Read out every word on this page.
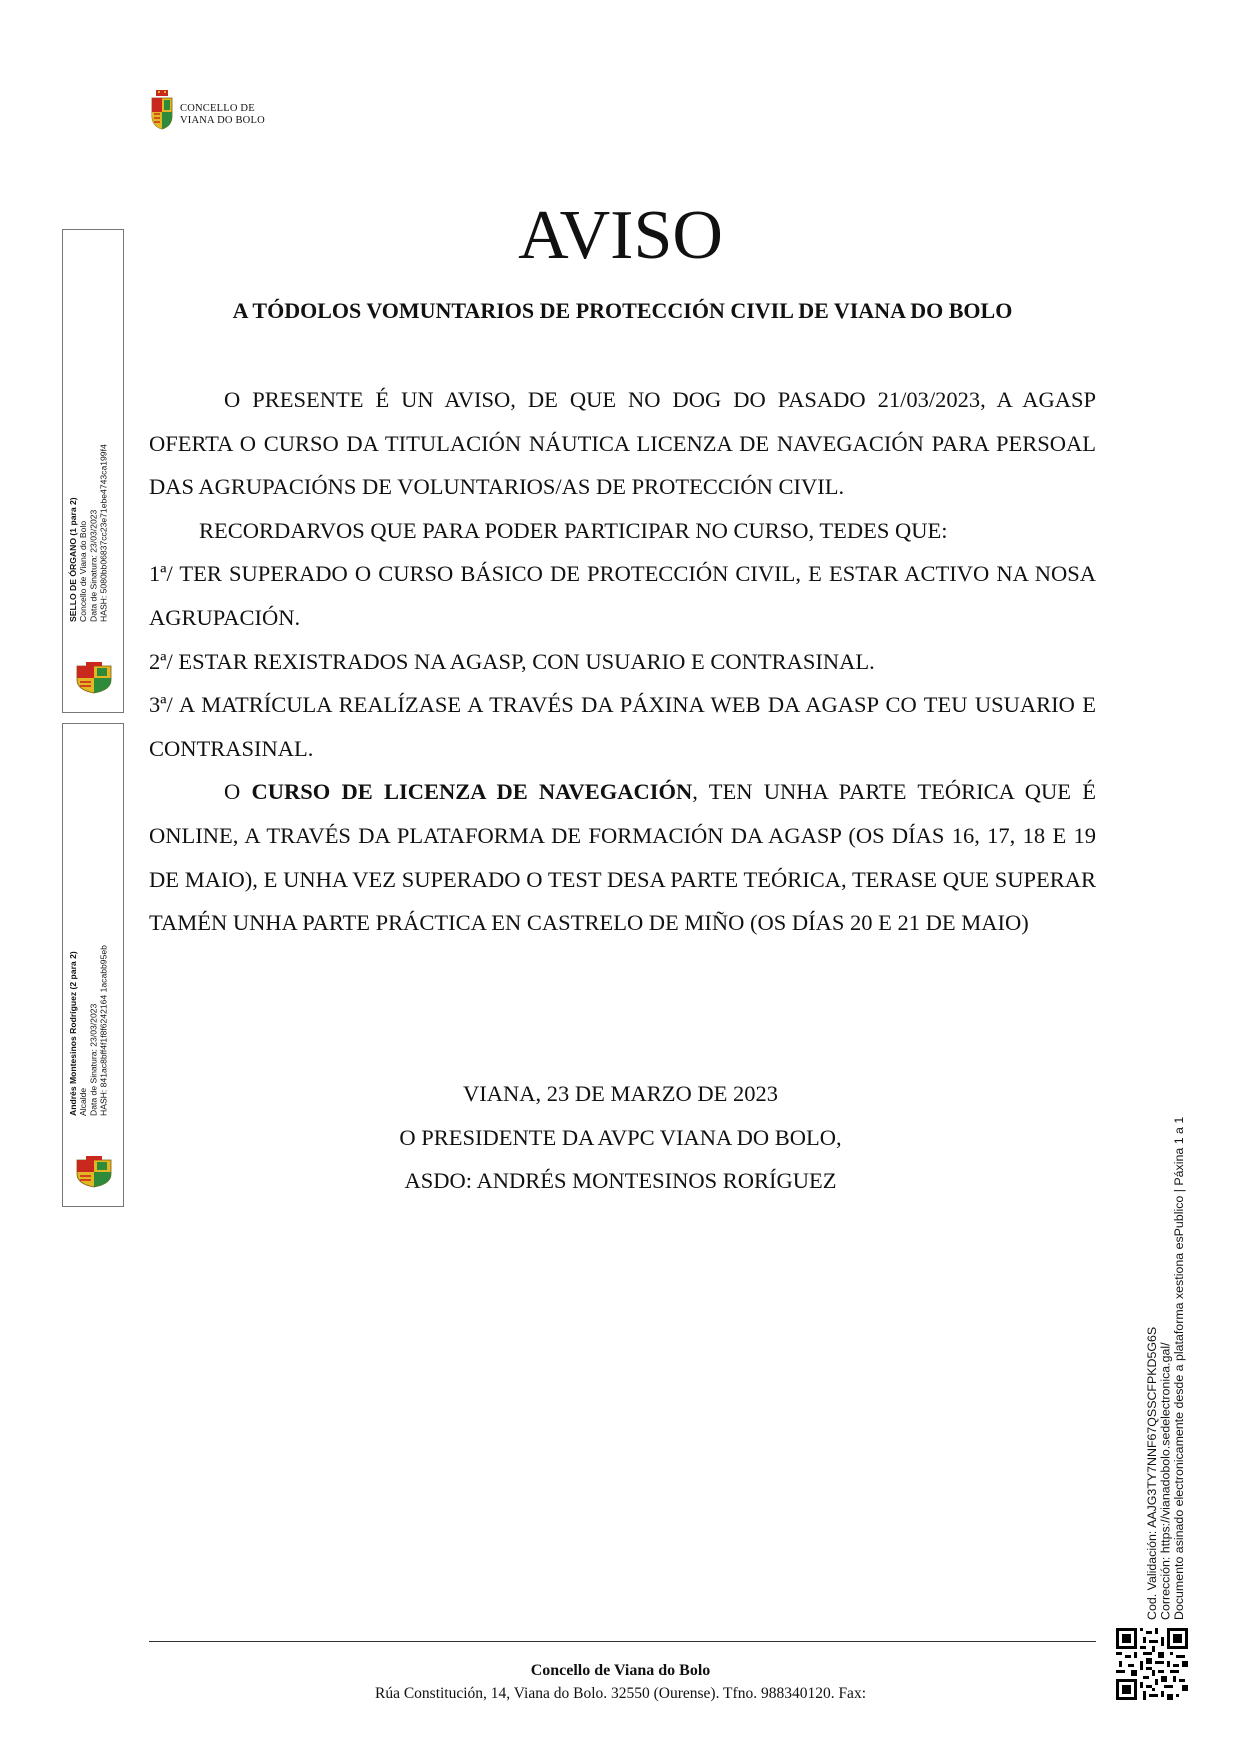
CONCELLO DE
VIANA DO BOLO
AVISO
A TÓDOLOS VOMUNTARIOS DE PROTECCIÓN CIVIL DE VIANA DO BOLO

O PRESENTE É UN AVISO, DE QUE NO DOG DO PASADO 21/03/2023, A AGASP OFERTA O CURSO DA TITULACIÓN NÁUTICA LICENZA DE NAVEGACIÓN PARA PERSOAL DAS AGRUPACIÓNS DE VOLUNTARIOS/AS DE PROTECCIÓN CIVIL.

RECORDARVOS QUE PARA PODER PARTICIPAR NO CURSO, TEDES QUE:

1ª/ TER SUPERADO O CURSO BÁSICO DE PROTECCIÓN CIVIL, E ESTAR ACTIVO NA NOSA AGRUPACIÓN.

2ª/ ESTAR REXISTRADOS NA AGASP, CON USUARIO E CONTRASINAL.

3ª/ A MATRÍCULA REALÍZASE A TRAVÉS DA PÁXINA WEB DA AGASP CO TEU USUARIO E CONTRASINAL.

O CURSO DE LICENZA DE NAVEGACIÓN, TEN UNHA PARTE TEÓRICA QUE É ONLINE, A TRAVÉS DA PLATAFORMA DE FORMACIÓN DA AGASP (OS DÍAS 16, 17, 18 E 19 DE MAIO), E UNHA VEZ SUPERADO O TEST DESA PARTE TEÓRICA, TERASE QUE SUPERAR TAMÉN UNHA PARTE PRÁCTICA EN CASTRELO DE MIÑO (OS DÍAS 20 E 21 DE MAIO)

VIANA, 23 DE MARZO DE 2023
O PRESIDENTE DA AVPC VIANA DO BOLO,
ASDO: ANDRÉS MONTESINOS RORÍGUEZ
Concello de Viana do Bolo
Rúa Constitución, 14, Viana do Bolo. 32550 (Ourense). Tfno. 988340120. Fax:
SELLO DE ÓRGANO (1 para 2) Concello de Viana do Bolo Data de Sinatura: 23/03/2023 HASH: 5080bb06837cc23e71ebe4743ca199f4
Andrés Montesinos Rodríguez (2 para 2) Alcalde Data de Sinatura: 23/03/2023 HASH: 841ac8bff4f1f8f6242164 1acabb95eb
Cod. Validación: AAJG3TY7NNF67QSSCFPKD5G6S Corrección: https://vianadobolo.sedelectronica.gal/ Documento asinado electronicamente desde a plataforma xestiona esPublico | Páxina 1 a 1
